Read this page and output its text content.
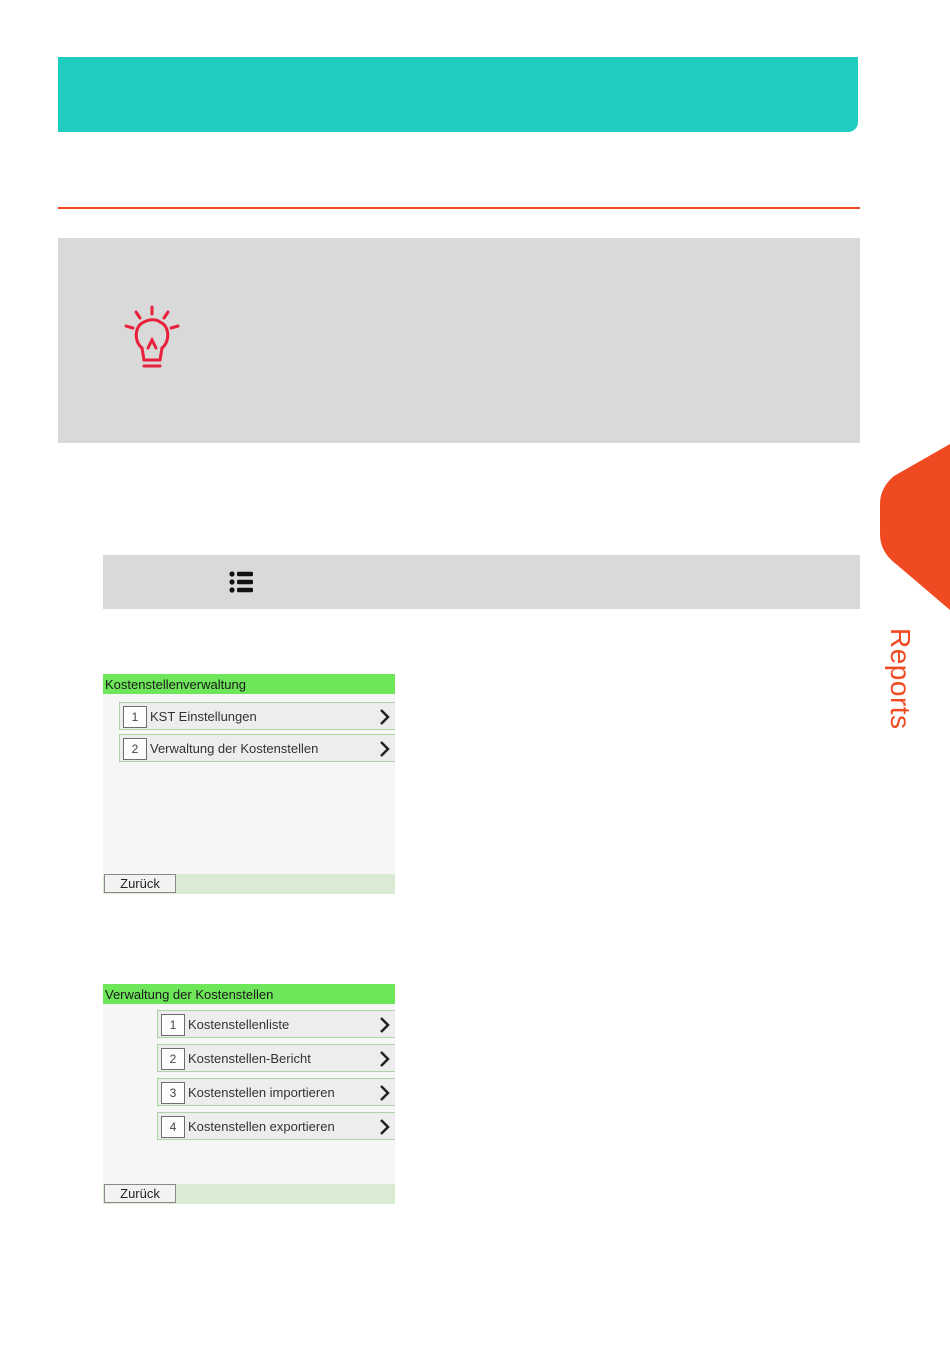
Reports
Kostenstellenverwaltung
1 KST Einstellungen
2 Verwaltung der Kostenstellen
Zurück
Verwaltung der Kostenstellen
1 Kostenstellenliste
2 Kostenstellen-Bericht
3 Kostenstellen importieren
4 Kostenstellen exportieren
Zurück
